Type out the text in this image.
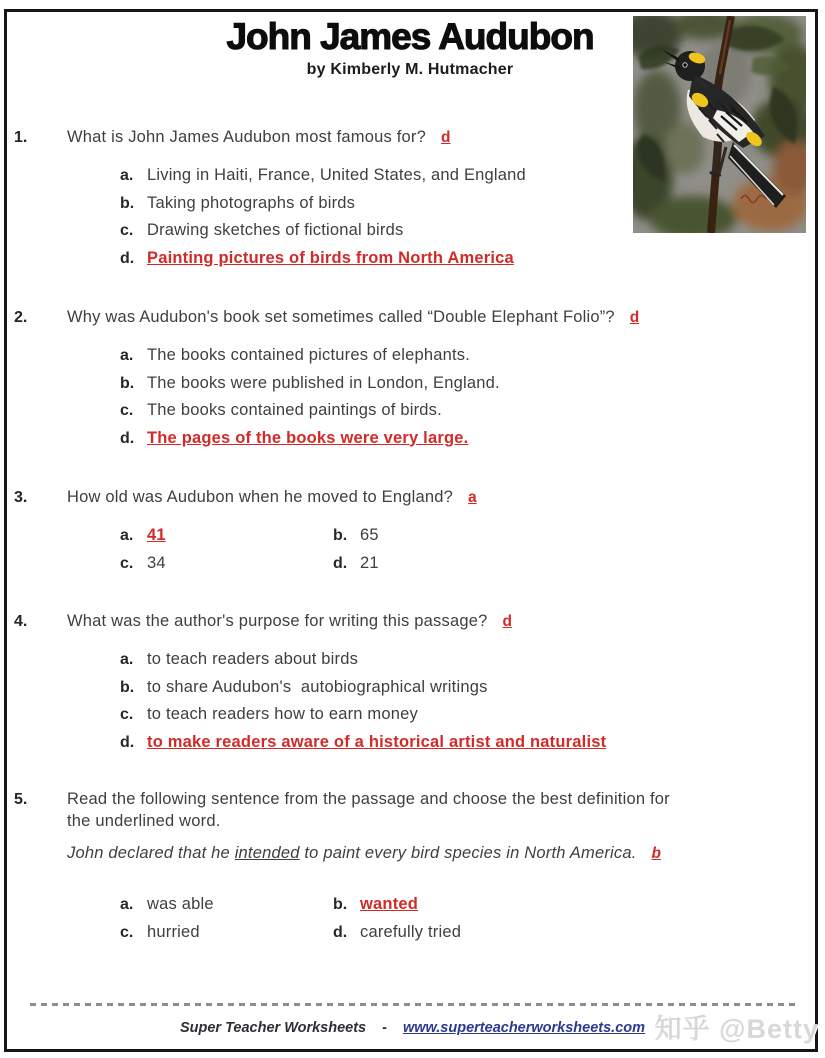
John James Audubon
by Kimberly M. Hutmacher
1.	What is John James Audubon most famous for? d
a. Living in Haiti, France, United States, and England
b. Taking photographs of birds
c. Drawing sketches of fictional birds
d. Painting pictures of birds from North America
2.	Why was Audubon's book set sometimes called “Double Elephant Folio”? d
a. The books contained pictures of elephants.
b. The books were published in London, England.
c. The books contained paintings of birds.
d. The pages of the books were very large.
3.	How old was Audubon when he moved to England? a
a. 41	b. 65
c. 34	d. 21
4.	What was the author's purpose for writing this passage? d
a. to teach readers about birds
b. to share Audubon's  autobiographical writings
c. to teach readers how to earn money
d. to make readers aware of a historical artist and naturalist
5.	Read the following sentence from the passage and choose the best definition for the underlined word.
John declared that he intended to paint every bird species in North America. b
a. was able	b. wanted
c. hurried	d. carefully tried
Super Teacher Worksheets - www.superteacherworksheets.com 知乎 @Betty
